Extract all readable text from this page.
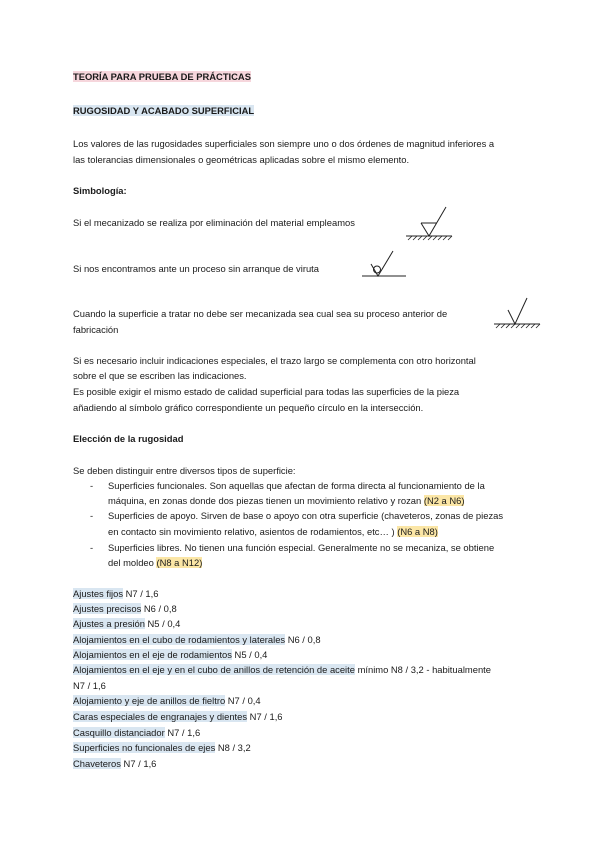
TEORÍA PARA PRUEBA DE PRÁCTICAS
RUGOSIDAD Y ACABADO SUPERFICIAL
Los valores de las rugosidades superficiales son siempre uno o dos órdenes de magnitud inferiores a
las tolerancias dimensionales o geométricas aplicadas sobre el mismo elemento.
Simbología:
Si el mecanizado se realiza por eliminación del material empleamos
Si nos encontramos ante un proceso sin arranque de viruta
Cuando la superficie a tratar no debe ser mecanizada sea cual sea su proceso anterior de
fabricación
Si es necesario incluir indicaciones especiales, el trazo largo se complementa con otro horizontal
sobre el que se escriben las indicaciones.
Es posible exigir el mismo estado de calidad superficial para todas las superficies de la pieza
añadiendo al símbolo gráfico correspondiente un pequeño círculo en la intersección.
Elección de la rugosidad
Se deben distinguir entre diversos tipos de superficie:
- Superficies funcionales. Son aquellas que afectan de forma directa al funcionamiento de la
máquina, en zonas donde dos piezas tienen un movimiento relativo y rozan (N2 a N6)
- Superficies de apoyo. Sirven de base o apoyo con otra superficie (chaveteros, zonas de piezas
en contacto sin movimiento relativo, asientos de rodamientos, etc… ) (N6 a N8)
- Superficies libres. No tienen una función especial. Generalmente no se mecaniza, se obtiene
del moldeo (N8 a N12)
Ajustes fijos N7 / 1,6
Ajustes precisos N6 / 0,8
Ajustes a presión N5 / 0,4
Alojamientos en el cubo de rodamientos y laterales N6 / 0,8
Alojamientos en el eje de rodamientos N5 / 0,4
Alojamientos en el eje y en el cubo de anillos de retención de aceite mínimo N8 / 3,2 - habitualmente
N7 / 1,6
Alojamiento y eje de anillos de fieltro N7 / 0,4
Caras especiales de engranajes y dientes N7 / 1,6
Casquillo distanciador N7 / 1,6
Superficies no funcionales de ejes N8 / 3,2
Chaveteros N7 / 1,6
